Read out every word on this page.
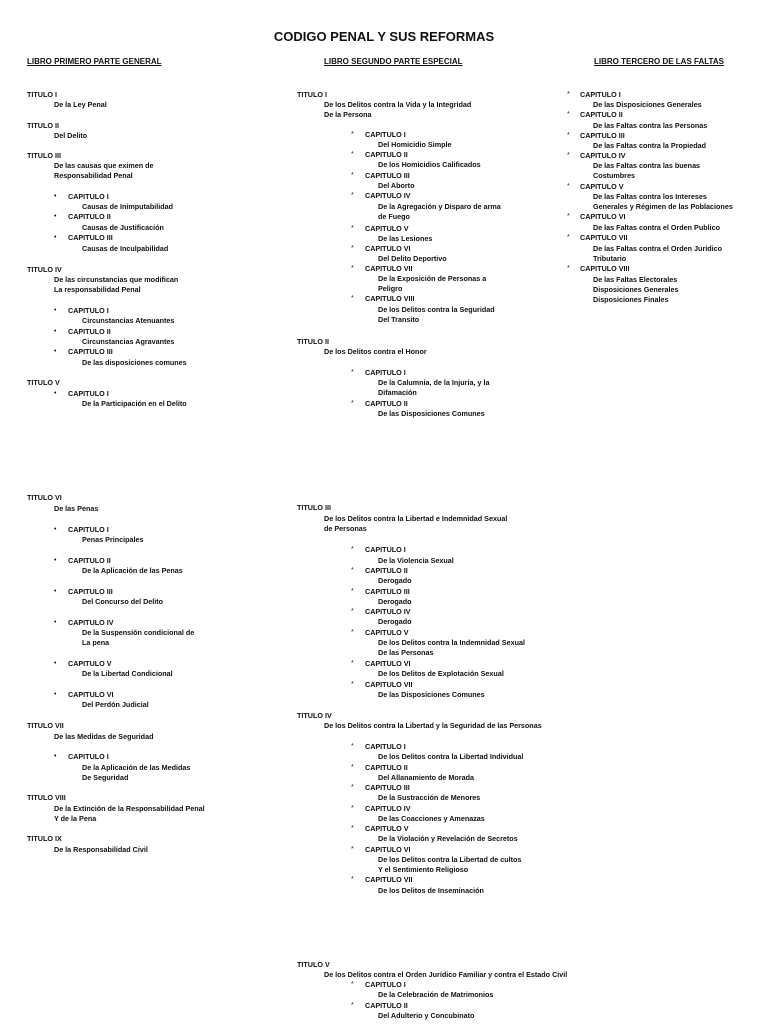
CODIGO PENAL Y SUS REFORMAS
LIBRO PRIMERO PARTE GENERAL	LIBRO SEGUNDO PARTE ESPECIAL	LIBRO TERCERO DE LAS FALTAS
TITULO I
De la Ley Penal
TITULO II
Del Delito
TITULO III
De las causas que eximen de
Responsabilidad Penal
• CAPITULO I
Causas de Inimputabilidad
• CAPITULO II
Causas de Justificación
• CAPITULO III
Causas de Inculpabilidad
TITULO IV
De las circunstancias que modifican
La responsabilidad Penal
• CAPITULO I
Circunstancias Atenuantes
• CAPITULO II
Circunstancias Agravantes
• CAPITULO III
De las disposiciones comunes
TITULO V
• CAPITULO I
De la Participación en el Delito
TITULO VI
De las Penas
• CAPITULO I
Penas Principales
• CAPITULO II
De la Aplicación de las Penas
• CAPITULO III
Del Concurso del Delito
• CAPITULO IV
De la Suspensión condicional de
La pena
• CAPITULO V
De la Libertad Condicional
• CAPITULO VI
Del Perdón Judicial
TITULO VII
De las Medidas de Seguridad
• CAPITULO I
De la Aplicación de las Medidas
De Seguridad
TITULO VIII
De la Extinción de la Responsabilidad Penal
Y de la Pena
TITULO IX
De la Responsabilidad Civil
TITULO I
De los Delitos contra la Vida y la Integridad
De la Persona
* CAPITULO I
Del Homicidio Simple
* CAPITULO II
De los Homicidios Calificados
* CAPITULO III
Del Aborto
* CAPITULO IV
De la Agregación y Disparo de arma
de Fuego
* CAPITULO V
De las Lesiones
* CAPITULO VI
Del Delito Deportivo
* CAPITULO VII
De la Exposición de Personas a
Peligro
* CAPITULO VIII
De los Delitos contra la Seguridad
Del Transito
TITULO II
De los Delitos contra el Honor
* CAPITULO I
De la Calumnia, de la Injuria, y la
Difamación
* CAPITULO II
De las Disposiciones Comunes
TITULO III
De los Delitos contra la Libertad e Indemnidad Sexual
de Personas
* CAPITULO I
De la Violencia Sexual
* CAPITULO II
Derogado
* CAPITULO III
Derogado
* CAPITULO IV
Derogado
* CAPITULO V
De los Delitos contra la Indemnidad Sexual
De las Personas
* CAPITULO VI
De los Delitos de Explotación Sexual
* CAPITULO VII
De las Disposiciones Comunes
TITULO IV
De los Delitos contra la Libertad y la Seguridad de las Personas
* CAPITULO I
De los Delitos contra la Libertad Individual
* CAPITULO II
Del Allanamiento de Morada
* CAPITULO III
De la Sustracción de Menores
* CAPITULO IV
De las Coacciones y Amenazas
* CAPITULO V
De la Violación y Revelación de Secretos
* CAPITULO VI
De los Delitos contra la Libertad de cultos
Y el Sentimiento Religioso
* CAPITULO VII
De los Delitos de Inseminación
TITULO V
De los Delitos contra el Orden Jurídico Familiar y contra el Estado Civil
* CAPITULO I
De la Celebración de Matrimonios
* CAPITULO II
Del Adulterio y Concubinato
* CAPITULO I
De las Disposiciones Generales
* CAPITULO II
De las Faltas contra las Personas
* CAPITULO III
De las Faltas contra la Propiedad
* CAPITULO IV
De las Faltas contra las buenas
Costumbres
* CAPITULO V
De las Faltas contra los Intereses
Generales y Régimen de las Poblaciones
* CAPITULO VI
De las Faltas contra el Orden Publico
* CAPITULO VII
De las Faltas contra el Orden Jurídico
Tributario
* CAPITULO VIII
De las Faltas Electorales
Disposiciones Generales
Disposiciones Finales
